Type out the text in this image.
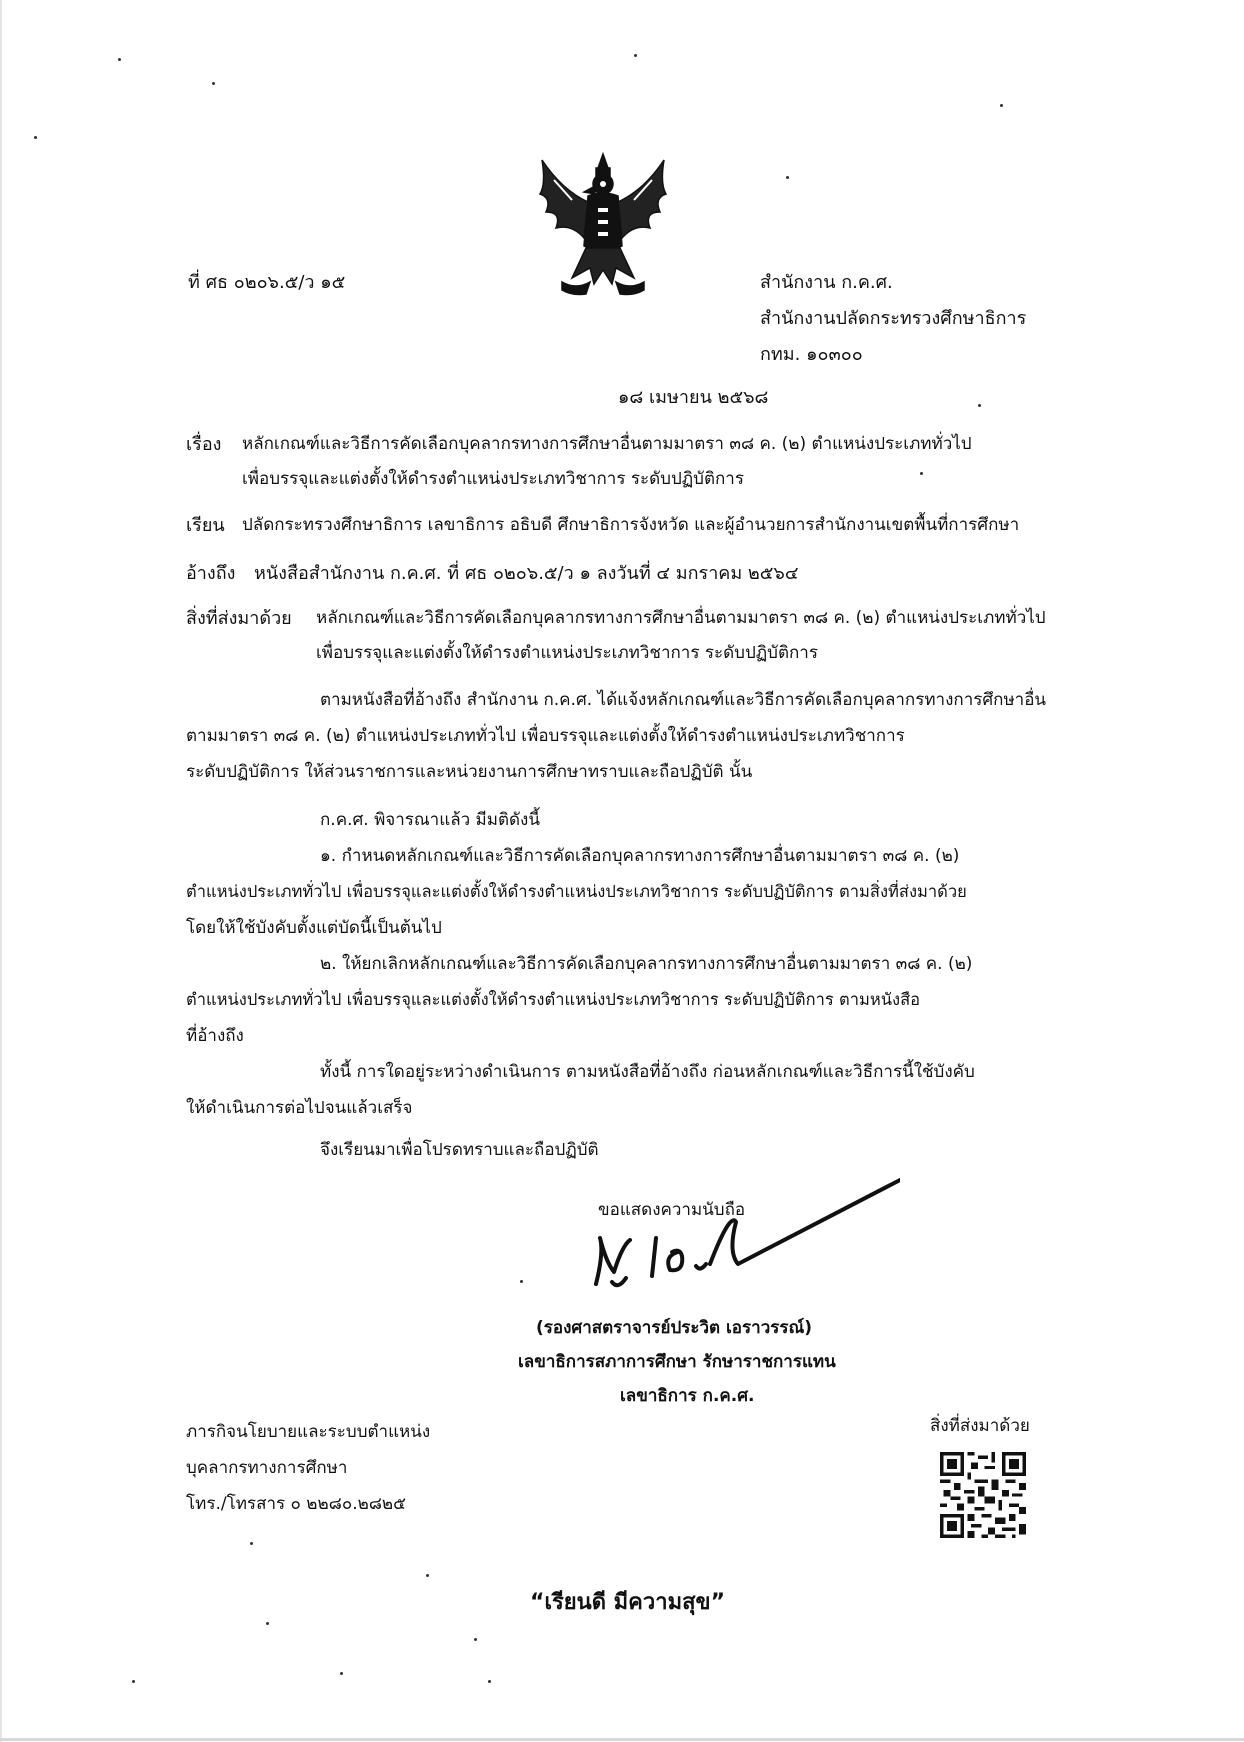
ที่ ศธ ๐๒๐๖.๕/ว ๑๕	สำนักงาน ก.ค.ศ.
สำนักงานปลัดกระทรวงศึกษาธิการ
กทม. ๑๐๓๐๐
๑๘ เมษายน ๒๕๖๘
เรื่อง หลักเกณฑ์และวิธีการคัดเลือกบุคลากรทางการศึกษาอื่นตามมาตรา ๓๘ ค. (๒) ตำแหน่งประเภททั่วไป
เพื่อบรรจุและแต่งตั้งให้ดำรงตำแหน่งประเภทวิชาการ ระดับปฏิบัติการ
เรียน ปลัดกระทรวงศึกษาธิการ เลขาธิการ อธิบดี ศึกษาธิการจังหวัด และผู้อำนวยการสำนักงานเขตพื้นที่การศึกษา
อ้างถึง หนังสือสำนักงาน ก.ค.ศ. ที่ ศธ ๐๒๐๖.๕/ว ๑ ลงวันที่ ๔ มกราคม ๒๕๖๔
สิ่งที่ส่งมาด้วย หลักเกณฑ์และวิธีการคัดเลือกบุคลากรทางการศึกษาอื่นตามมาตรา ๓๘ ค. (๒) ตำแหน่งประเภททั่วไป
เพื่อบรรจุและแต่งตั้งให้ดำรงตำแหน่งประเภทวิชาการ ระดับปฏิบัติการ
ตามหนังสือที่อ้างถึง สำนักงาน ก.ค.ศ. ได้แจ้งหลักเกณฑ์และวิธีการคัดเลือกบุคลากรทางการศึกษาอื่น
ตามมาตรา ๓๘ ค. (๒) ตำแหน่งประเภททั่วไป เพื่อบรรจุและแต่งตั้งให้ดำรงตำแหน่งประเภทวิชาการ
ระดับปฏิบัติการ ให้ส่วนราชการและหน่วยงานการศึกษาทราบและถือปฏิบัติ นั้น
ก.ค.ศ. พิจารณาแล้ว มีมติดังนี้
๑. กำหนดหลักเกณฑ์และวิธีการคัดเลือกบุคลากรทางการศึกษาอื่นตามมาตรา ๓๘ ค. (๒)
ตำแหน่งประเภททั่วไป เพื่อบรรจุและแต่งตั้งให้ดำรงตำแหน่งประเภทวิชาการ ระดับปฏิบัติการ ตามสิ่งที่ส่งมาด้วย
โดยให้ใช้บังคับตั้งแต่บัดนี้เป็นต้นไป
๒. ให้ยกเลิกหลักเกณฑ์และวิธีการคัดเลือกบุคลากรทางการศึกษาอื่นตามมาตรา ๓๘ ค. (๒)
ตำแหน่งประเภททั่วไป เพื่อบรรจุและแต่งตั้งให้ดำรงตำแหน่งประเภทวิชาการ ระดับปฏิบัติการ ตามหนังสือ
ที่อ้างถึง
ทั้งนี้ การใดอยู่ระหว่างดำเนินการ ตามหนังสือที่อ้างถึง ก่อนหลักเกณฑ์และวิธีการนี้ใช้บังคับ
ให้ดำเนินการต่อไปจนแล้วเสร็จ
จึงเรียนมาเพื่อโปรดทราบและถือปฏิบัติ
ขอแสดงความนับถือ
(รองศาสตราจารย์ประวิต เอราวรรณ์)
เลขาธิการสภาการศึกษา รักษาราชการแทน
เลขาธิการ ก.ค.ศ.
ภารกิจนโยบายและระบบตำแหน่ง
บุคลากรทางการศึกษา
โทร./โทรสาร ๐ ๒๒๘๐.๒๘๒๕
สิ่งที่ส่งมาด้วย
“เรียนดี มีความสุข”
